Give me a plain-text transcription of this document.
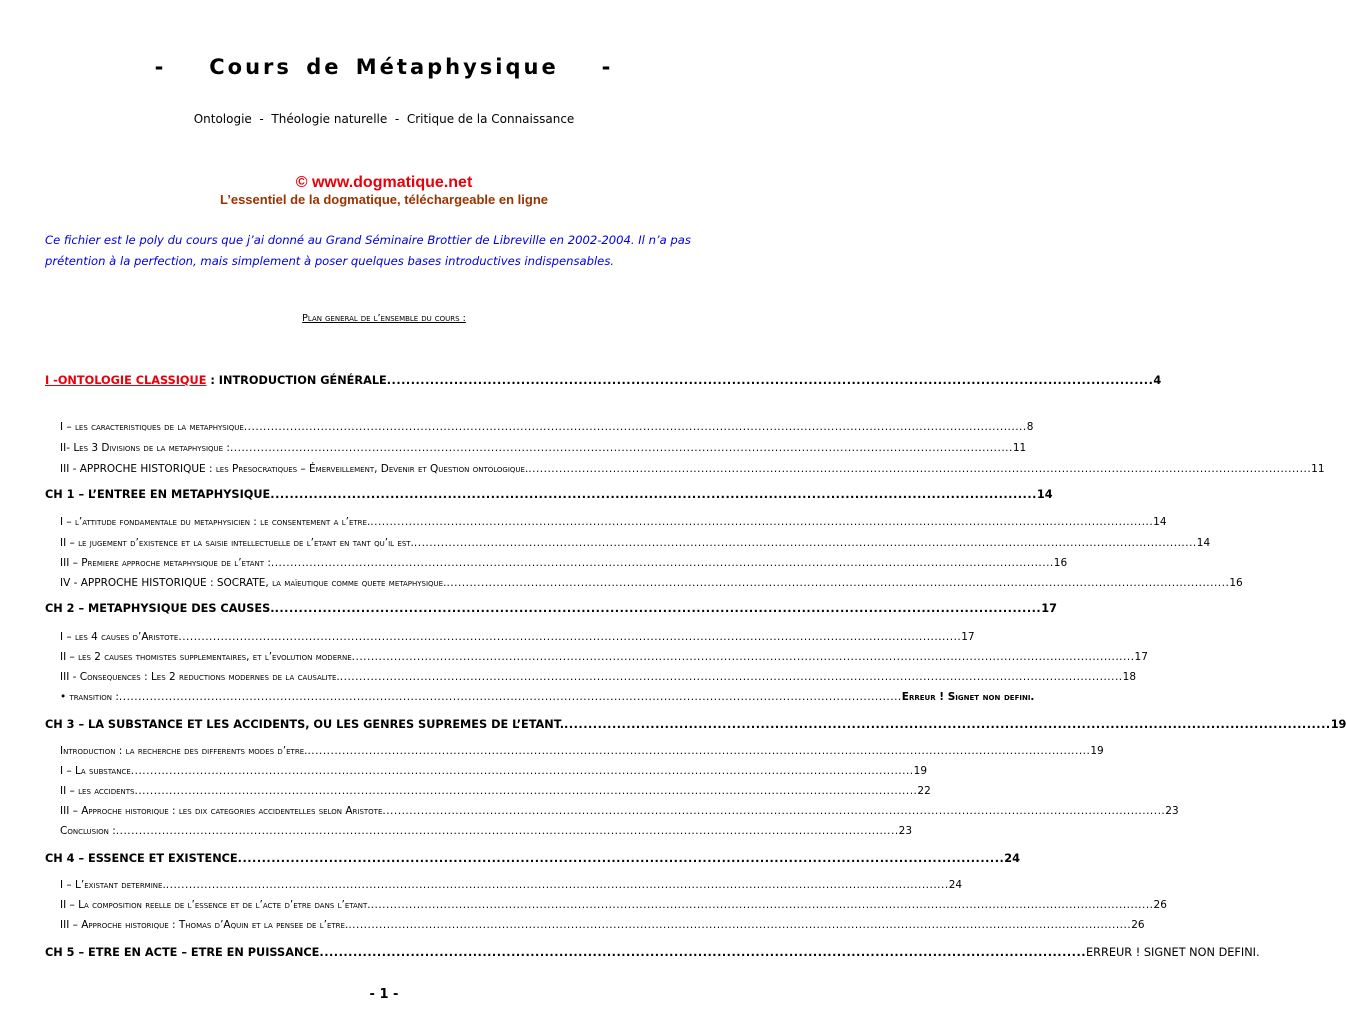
-   Cours de Métaphysique   -
Ontologie  -  Théologie naturelle  -  Critique de la Connaissance
© www.dogmatique.net
L’essentiel de la dogmatique, téléchargeable en ligne
Ce fichier est le poly du cours que j’ai donné au Grand Séminaire Brottier de Libreville en 2002-2004. Il n’a pas prétention à la perfection, mais simplement à poser quelques bases introductives indispensables.
Plan general de l’ensemble du cours :
I -ONTOLOGIE CLASSIQUE : INTRODUCTION GÉNÉRALE ................................................................................................................................................................ 4
I – les caracteristiques de la metaphysique ............................................................................................................................................................................................................ 8
II- Les 3 Divisions de la metaphysique : ............................................................................................................................................................................................................ 11
III - APPROCHE HISTORIQUE : les Presocratiques – Émerveillement, Devenir et Question ontologique. ............................................................................................................................................................................................................ 11
CH 1 – L’ENTREE EN METAPHYSIQUE ................................................................................................................................................................ 14
I – l’attitude fondamentale du metaphysicien : le consentement a l’etre. ............................................................................................................................................................................................................ 14
II – le jugement d’existence et la saisie intellectuelle de l’etant en tant qu’il est. ............................................................................................................................................................................................................ 14
III – Premiere approche metaphysique de l’etant : ............................................................................................................................................................................................................ 16
IV - APPROCHE HISTORIQUE : SOCRATE, la maïeutique comme quete metaphysique. ............................................................................................................................................................................................................ 16
CH 2 – METAPHYSIQUE DES CAUSES. ................................................................................................................................................................ 17
I – les 4 causes d’Aristote ............................................................................................................................................................................................................ 17
II – les 2 causes thomistes supplementaires, et l’evolution moderne ............................................................................................................................................................................................................ 17
III - Consequences : Les 2 reductions modernes de la causalite. ............................................................................................................................................................................................................ 18
• transition : ............................................................................................................................................................................................................ Erreur ! Signet non defini.
CH 3 – LA SUBSTANCE ET LES ACCIDENTS, OU LES GENRES SUPREMES DE L’ETANT. ................................................................................................................................................................ 19
Introduction : la recherche des differents modes d’etre. ............................................................................................................................................................................................................ 19
I – La substance ............................................................................................................................................................................................................ 19
II – les accidents ............................................................................................................................................................................................................ 22
III – Approche historique : les dix categories accidentelles selon Aristote ............................................................................................................................................................................................................ 23
Conclusion : ............................................................................................................................................................................................................ 23
CH 4 – ESSENCE ET EXISTENCE ................................................................................................................................................................ 24
I – L’existant determine. ............................................................................................................................................................................................................ 24
II – La composition reelle de l’essence et de l’acte d’etre dans l’etant. ............................................................................................................................................................................................................ 26
III – Approche historique : Thomas d’Aquin et la pensee de l’etre. ............................................................................................................................................................................................................ 26
CH 5 – ETRE EN ACTE – ETRE EN PUISSANCE ................................................................................................................................................................ ERREUR ! SIGNET NON DEFINI.
- 1 -
